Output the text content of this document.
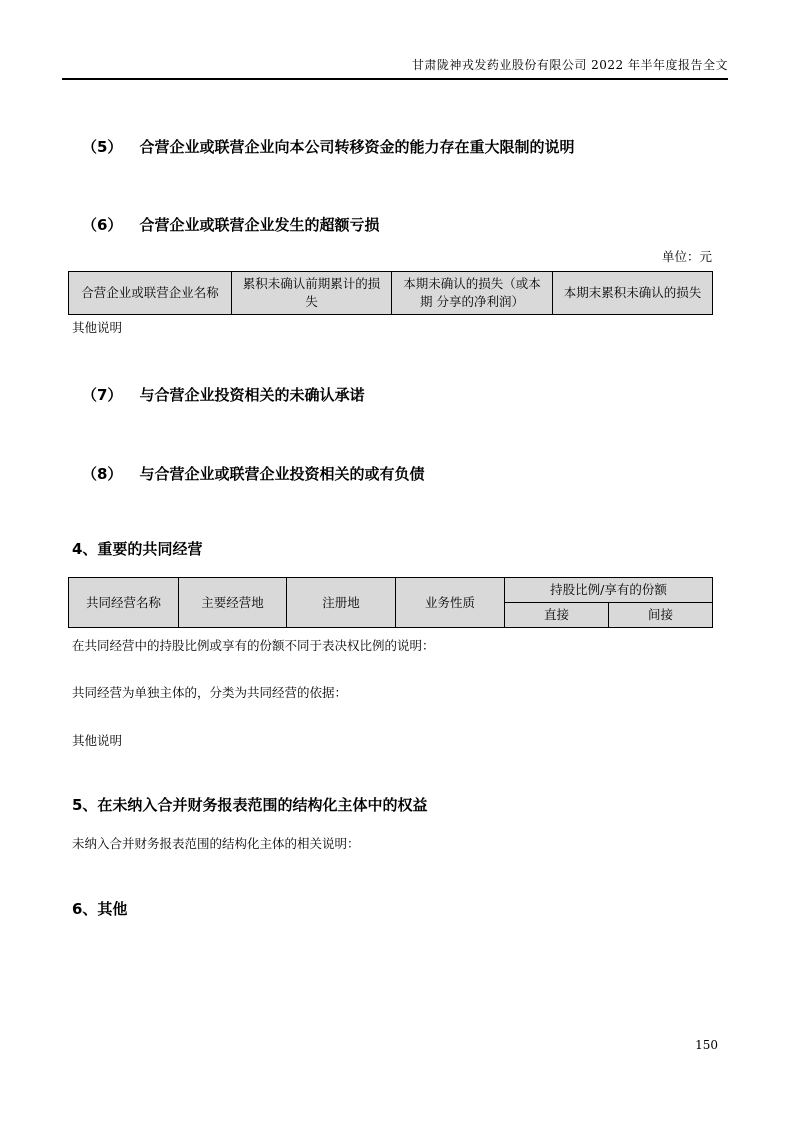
甘肃陇神戎发药业股份有限公司 2022 年半年度报告全文
（5） 合营企业或联营企业向本公司转移资金的能力存在重大限制的说明
（6） 合营企业或联营企业发生的超额亏损
单位：元
合营企业或联营企业名称	累积未确认前期累计的损失	本期未确认的损失（或本期 分享的净利润）	本期末累积未确认的损失
其他说明
（7） 与合营企业投资相关的未确认承诺
（8） 与合营企业或联营企业投资相关的或有负债
4、重要的共同经营
共同经营名称	主要经营地	注册地	业务性质	持股比例/享有的份额	
				直接	间接
在共同经营中的持股比例或享有的份额不同于表决权比例的说明：
共同经营为单独主体的，分类为共同经营的依据：
其他说明
5、在未纳入合并财务报表范围的结构化主体中的权益
未纳入合并财务报表范围的结构化主体的相关说明：
6、其他
150
